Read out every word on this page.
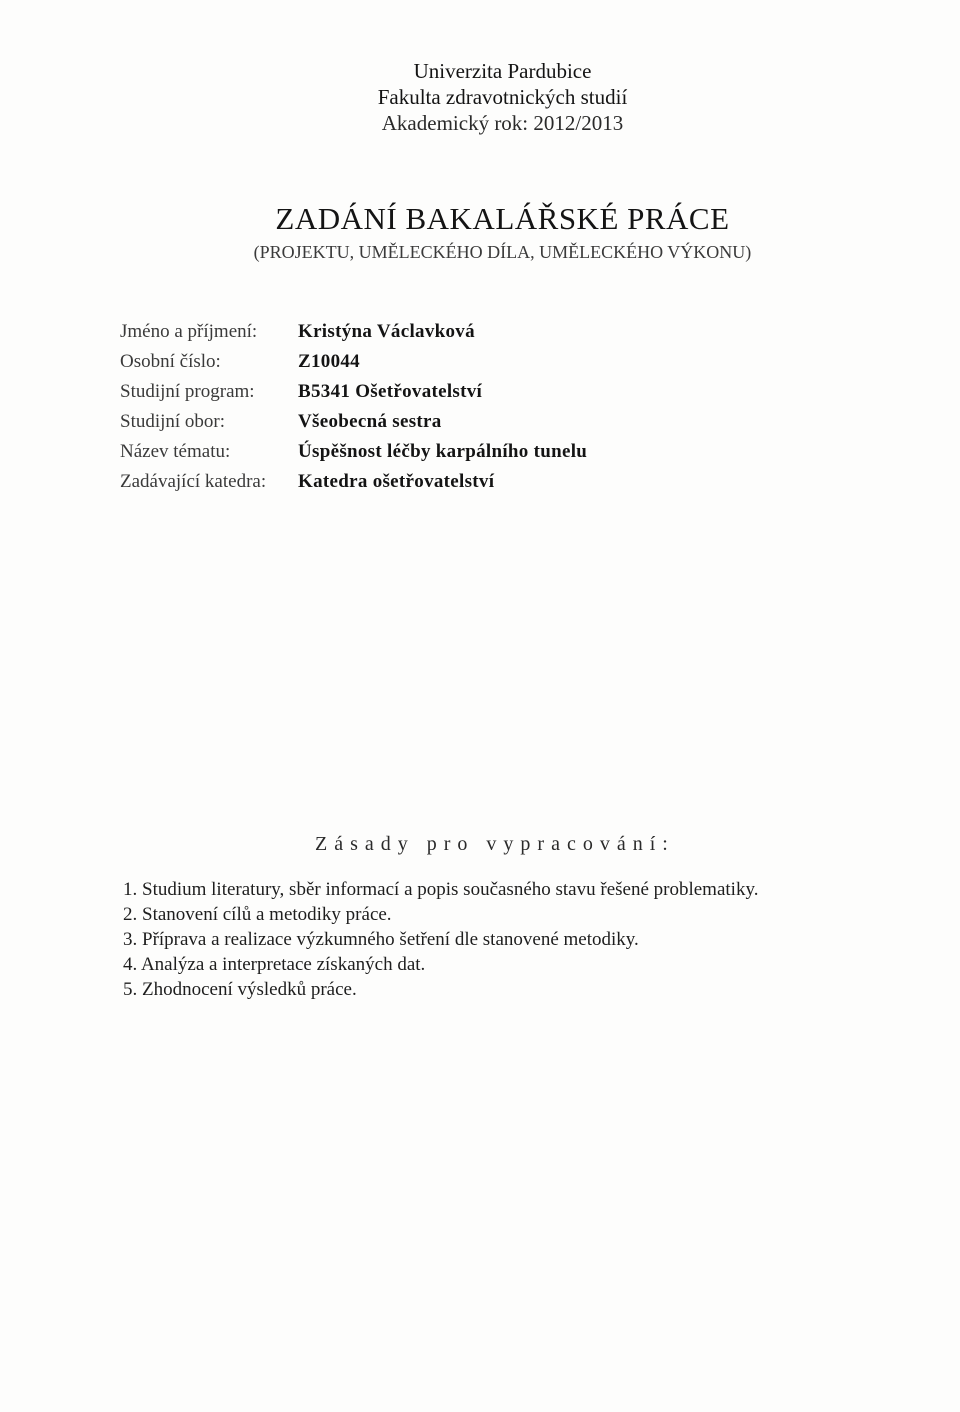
Univerzita Pardubice
Fakulta zdravotnických studií
Akademický rok: 2012/2013
ZADÁNÍ BAKALÁŘSKÉ PRÁCE
(PROJEKTU, UMĚLECKÉHO DÍLA, UMĚLECKÉHO VÝKONU)
Jméno a příjmení:	Kristýna Václavková
Osobní číslo:	Z10044
Studijní program:	B5341 Ošetřovatelství
Studijní obor:	Všeobecná sestra
Název tématu:	Úspěšnost léčby karpálního tunelu
Zadávající katedra:	Katedra ošetřovatelství
Zásady pro vypracování:
1. Studium literatury, sběr informací a popis současného stavu řešené problematiky.
2. Stanovení cílů a metodiky práce.
3. Příprava a realizace výzkumného šetření dle stanovené metodiky.
4. Analýza a interpretace získaných dat.
5. Zhodnocení výsledků práce.
